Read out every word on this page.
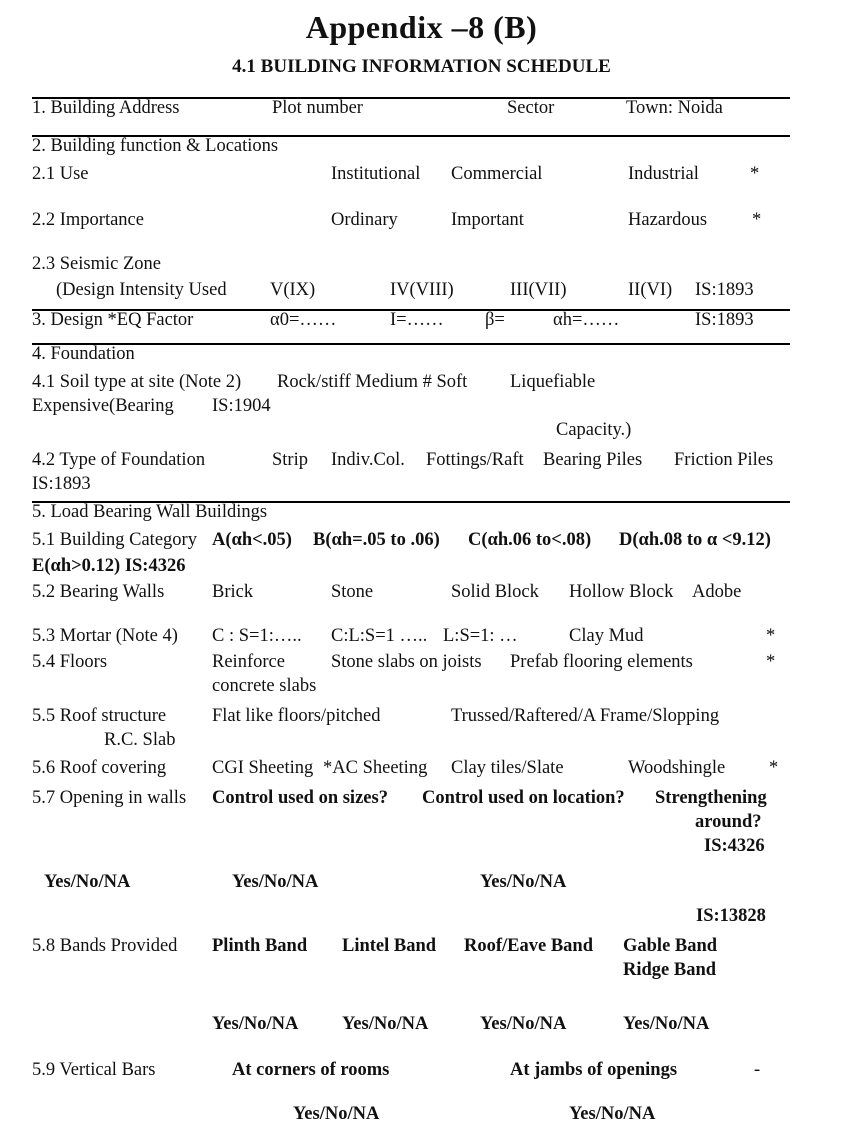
Appendix –8 (B)
4.1 BUILDING INFORMATION SCHEDULE
1. Building Address	Plot number	Sector	Town: Noida
2. Building function & Locations
2.1 Use	Institutional Commercial	Industrial	*
2.2 Importance	Ordinary	Important	Hazardous *
2.3 Seismic Zone
(Design Intensity Used V(IX)	IV(VIII)	III(VII)	II(VI) IS:1893
3. Design *EQ Factor	α0=……	I=…… β=	αh=……	IS:1893
4. Foundation
4.1 Soil type at site (Note 2) Rock/stiff Medium # Soft Liquefiable
Expensive(Bearing IS:1904
Capacity.)
4.2 Type of Foundation	Strip Indiv.Col. Fottings/Raft Bearing Piles Friction Piles
IS:1893
5. Load Bearing Wall Buildings
5.1 Building Category A(αh<.05) B(αh=.05 to .06) C(αh.06 to<.08) D(αh.08 to α <9.12)
E(αh>0.12) IS:4326
5.2 Bearing Walls	Brick	Stone	Solid Block Hollow Block Adobe
5.3 Mortar (Note 4) C : S=1:….. C:L:S=1 ….. L:S=1: …	Clay Mud	*
5.4 Floors	Reinforce Stone slabs on joists Prefab flooring elements	*
concrete slabs
5.5 Roof structure Flat like floors/pitched	Trussed/Raftered/A Frame/Slopping
R.C. Slab
5.6 Roof covering CGI Sheeting *AC Sheeting Clay tiles/Slate	Woodshingle *
5.7 Opening in walls Control used on sizes? Control used on location? Strengthening
around?
IS:4326
Yes/No/NA	Yes/No/NA	Yes/No/NA
IS:13828
5.8 Bands Provided Plinth Band Lintel Band Roof/Eave Band Gable Band
Ridge Band
Yes/No/NA Yes/No/NA	Yes/No/NA	Yes/No/NA
5.9 Vertical Bars	At corners of rooms	At jambs of openings	-
Yes/No/NA	Yes/No/NA
